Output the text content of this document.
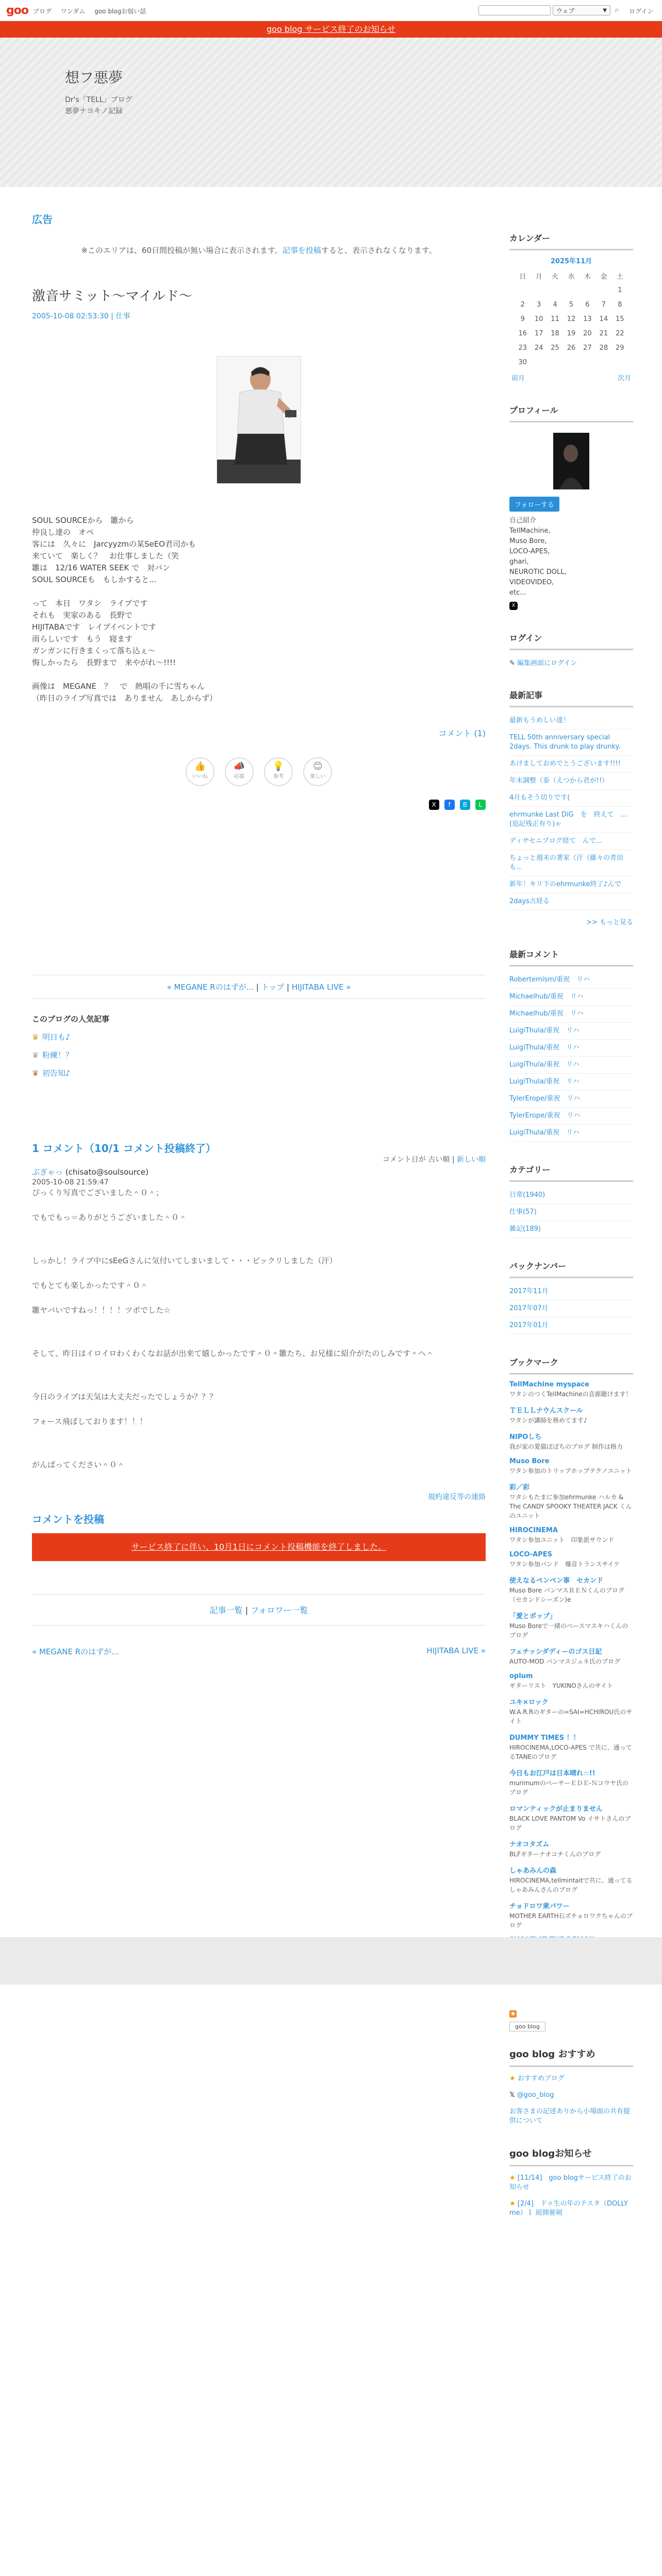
goo ブログ ワンダム goo blogお悩い話	ウェブ	▼ ⌕ ログイン
goo blog サービス終了のお知らせ
想フ悪夢
Dr's「TELL」ブログ
悪夢ナヨキノ記録
広告
※このエリアは、60日間投稿が無い場合に表示されます。記事を投稿すると、表示されなくなります。
激音サミット〜マイルド〜
2005-10-08 02:53:30 | 仕事
SOUL SOURCEから　雛から
仲良し達の　オペ
客には　久々に　Jarcyyzmの某SeEO君司かも
来ていて　楽しく？　お仕事しました（笑
雛は　12/16 WATER SEEK で　対バン
SOUL SOURCEも　もしかすると...
って　本日　ワタシ　ライブです
それも　実家のある　長野で
HIJITABAです　レイブイベントです
雨らしいです　もう　寝ます
ガンガンに行きまくって落ち込ぇ〜
悔しかったら　長野まで　来やがれ〜!!!!
画像は　MEGANE　？　で　熱唱の千に雪ちゃん
（昨日のライブ写真では　ありません　あしからず）
コメント (1)
👍
いいね
📣
応援
💡
参考
😊
楽しい
X f B L
« MEGANE Rのはずが... | トップ | HIJITABA LIVE »
このブログの人気記事
♛ 明日も♪
♛ 粉練！？
♛ 初告知♪
1 コメント（10/1 コメント投稿終了）
コメント日が 古い順 | 新しい順
ぶぎゃっ (chisato@soulsource)
2005-10-08 21:59:47
びっくり写真でございました＾０＾；

でもでもっ＝ありがとうございました＾０＾
しっかし！ライブ中にsEeGさんに気付いてしまいまして・・・ビックリしました（汗）

でもとても楽しかったです＾０＾

雛ヤバいですねっ！！！！ツボでした☆
そして、昨日はイロイロわくわくなお話が出来て嬉しかったです＾０＾雛たち、お兄様に紹介がたのしみです＾ヘ＾
今日のライブは天気は大丈夫だったでしょうか？？？

フォース飛ばしております！！！
がんばってください＾０＾
規約違反等の連絡
コメントを投稿
サービス終了に伴い、10月1日にコメント投稿機能を終了しました。
記事一覧 | フォロワー一覧
« MEGANE Rのはずが...	HIJITABA LIVE »
カレンダー
2025年11月
日	月	火	水	木	金	土
						1
2	3	4	5	6	7	8
9	10	11	12	13	14	15
16	17	18	19	20	21	22
23	24	25	26	27	28	29
30						
前月	次月
プロフィール
フォローする
自己紹介
TellMachine,
Muso Bore,
LOCO-APES,
ghari,
NEUROTIC DOLL,
VIDEOVIDEO,
etc...
X
ログイン
✎ 編集画面にログイン
最新記事
最新もうめしい達！
TELL 50th anniversary special 2days. This drunk to play drunky.
あけましておめでとうございます!!!!
年末調整（泰（えつから君が!!）
4月もそう切りです(
ehrmunke Last DiG　を　終えて　...(追記残正有り)ゃ
ディサセニブログ経て　んで...
ちょっと週末の著家（汗（藤々の青田も...
新年！キリ下のehrmunke終了♪んで
2days古経る
>> もっと見る
最新コメント
Robertemism/重祝　リハ
Michaelhub/重祝　リハ
Michaelhub/重祝　リハ
LuigiThula/重祝　リハ
LuigiThula/重祝　リハ
LuigiThula/重祝　リハ
LuigiThula/重祝　リハ
TylerErope/重祝　リハ
TylerErope/重祝　リハ
LuigiThula/重祝　リハ
カテゴリー
日常(1940)
仕事(57)
雑記(189)
バックナンバー
2017年11月
2017年07月
2017年01月
ブックマーク
TellMachine myspace
ワタシのつくTellMachineの音源聴けます！
ＴＥＬＬナウんスクール
ワタシが講師を務めてます♪
NIPOしち
我が家の愛猫ぼぼちのブログ 制作は格力
Muso Bore
ワタシ参加のトリップホップテクノユニット
彩／彩
ワタシもたまに参加ehrmunke ハルカ & The CANDY SPOOKY THEATER JACK くんのユニット
HIROCINEMA
ワタシ参加ユニット　印象派サウンド
LOCO-APES
ワタシ参加バンド　爆音トランスサイケ
使えなるペンペン事　セカンド
Muso Bore パンマスＲＥＮくんのブログ（セカンドシーズン)e
「愛とポップ」
Muso Boreで一緒のベースマスキハくんのブログ
フェチッシダディーのゴス日記
AUTO-MOD パンマスジュネ氏のブログ
oplum
ギターリスト　YUKINOさんのサイト
ユキ×ロック
W.A.R.Rのギターの=SAI=HCHIROU氏のサイト
DUMMY TIMES ！！
HIROCINEMA,LOCO-APES で共に、通ってるTANEのブログ
今日もお江戸は日本晴れ☆!!
murimumのベーサーＥＤＥ-Ｎコウヤ氏のブログ
ロマンティックが止まりません
BLACK LOVE PANTOM Vo イサトさんのブログ
ナオコタズム
BLFギターナオコチくんのブログ
しゃあみんの森
HIROCINEMA,tellmintaitで共に、通ってるしゃあみんさんのブログ
チョドロワ衆パワー
MOTHER EARTH石ズチョロワクちゃんのブログ
◉
goo blog
goo blog おすすめ
★ おすすめブログ
𝕏 @goo_blog
お客さまの記述ありから小場面の共有提供について
goo blogお知らせ
★ [11/14]　goo blogサービス終了のお知らせ
★ [2/4]　ドゥ生の年のテスタ（DOLLY me）ｌ 組開催剣
